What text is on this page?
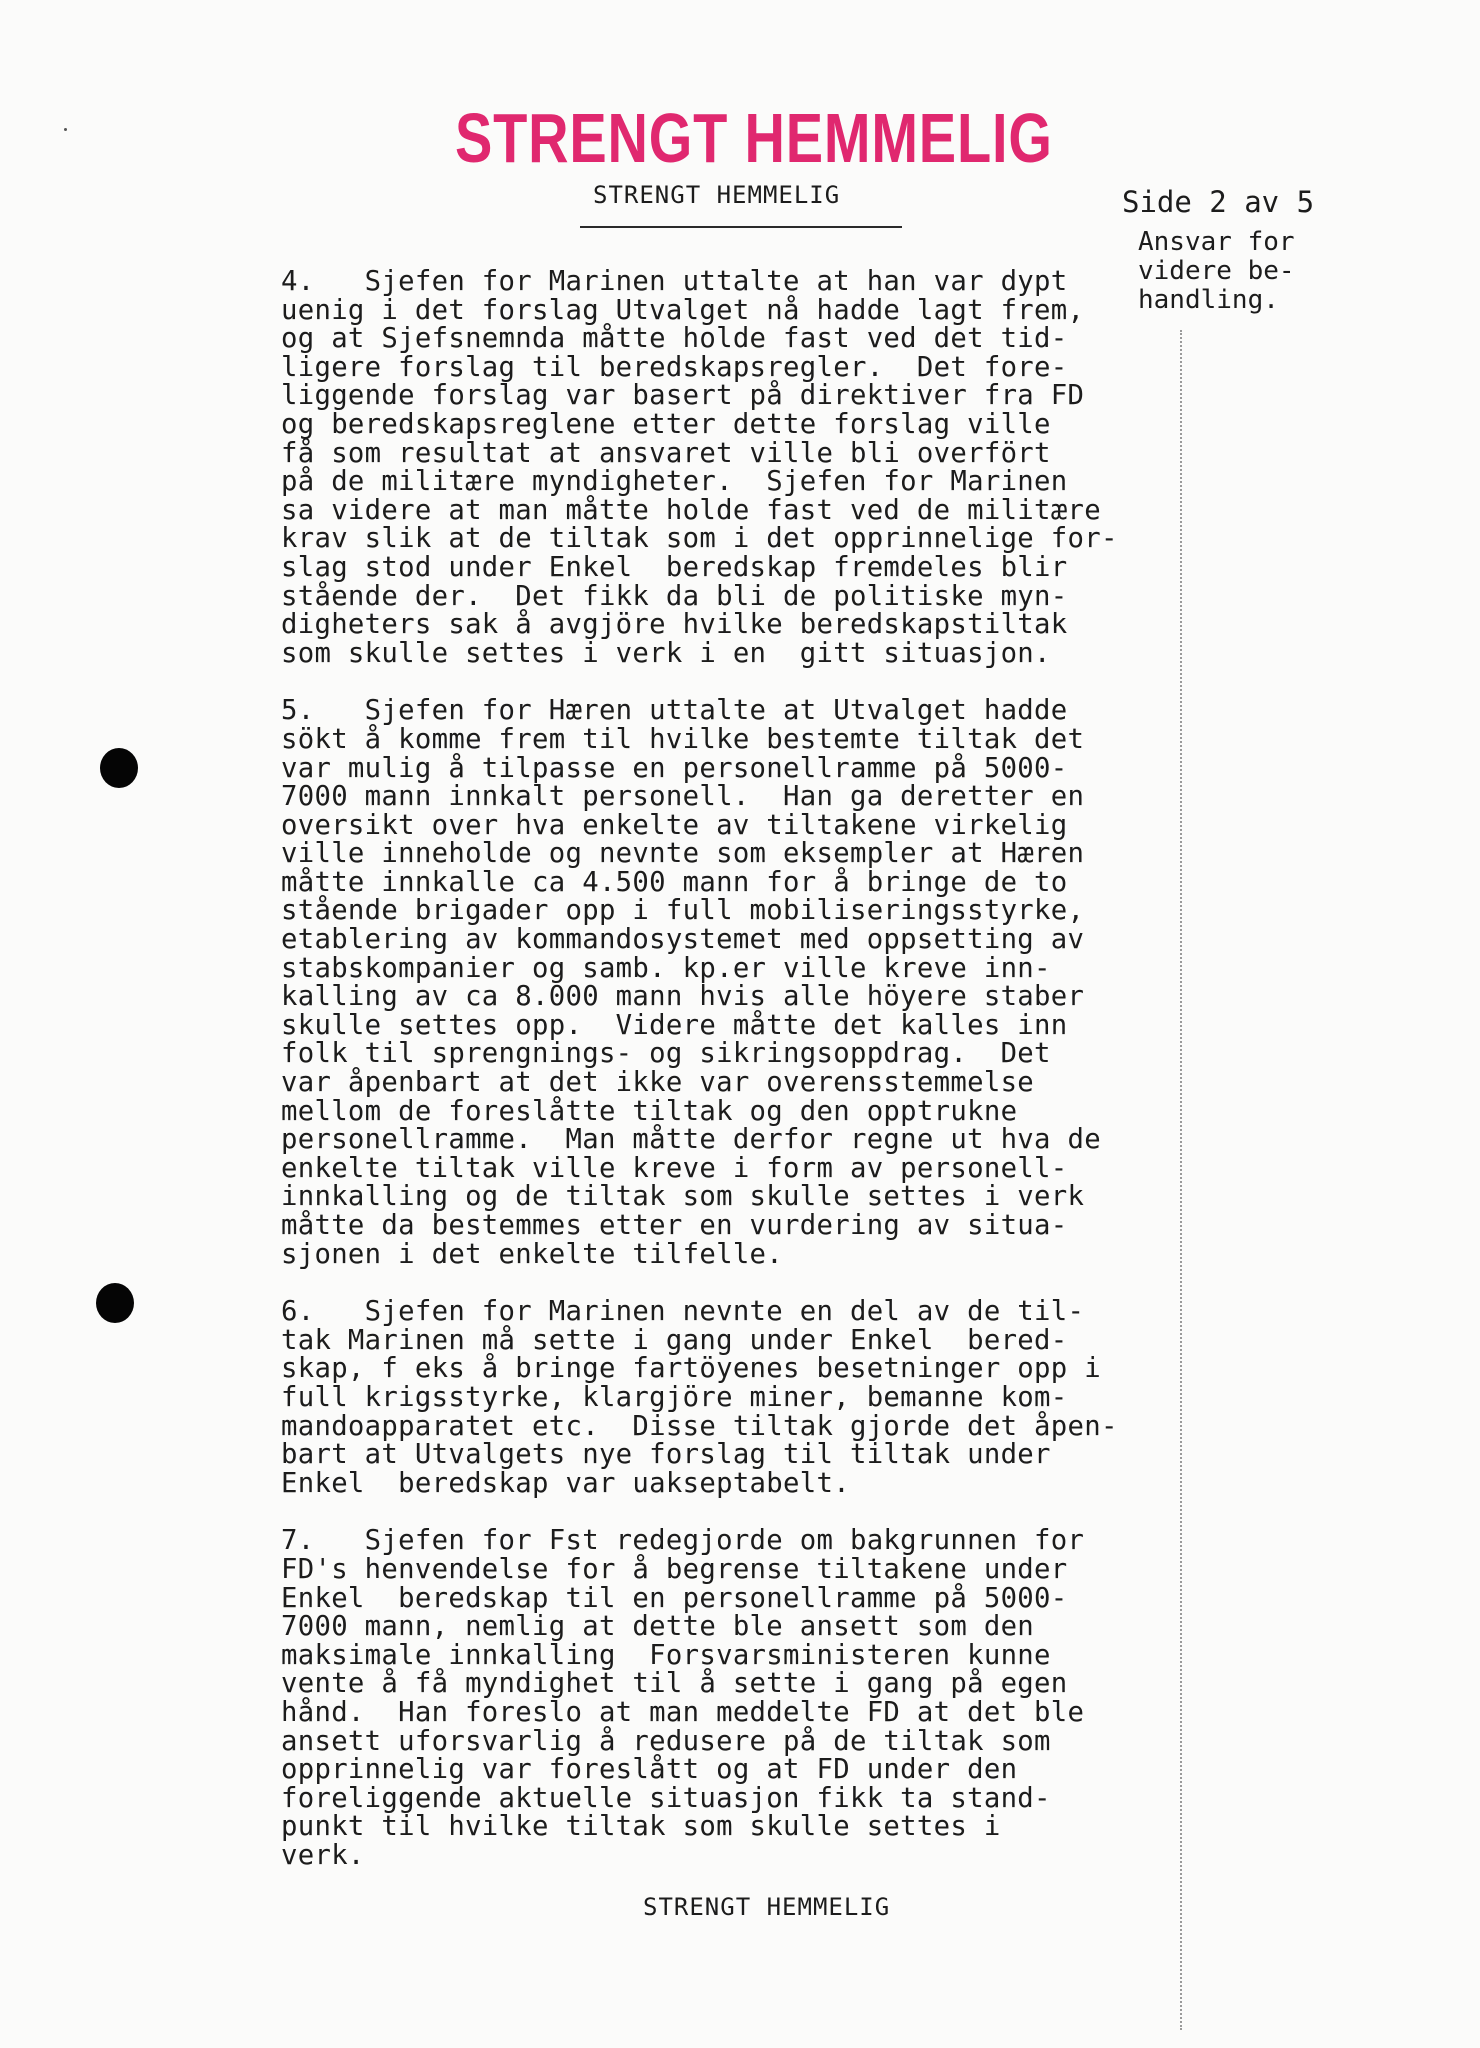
STRENGT HEMMELIG
STRENGT HEMMELIG	Side 2 av 5
Ansvar for
videre be-
handling.
4.   Sjefen for Marinen uttalte at han var dypt
uenig i det forslag Utvalget nå hadde lagt frem,
og at Sjefsnemnda måtte holde fast ved det tid-
ligere forslag til beredskapsregler.  Det fore-
liggende forslag var basert på direktiver fra FD
og beredskapsreglene etter dette forslag ville
få som resultat at ansvaret ville bli overfört
på de militære myndigheter.  Sjefen for Marinen
sa videre at man måtte holde fast ved de militære
krav slik at de tiltak som i det opprinnelige for-
slag stod under Enkel  beredskap fremdeles blir
stående der.  Det fikk da bli de politiske myn-
digheters sak å avgjöre hvilke beredskapstiltak
som skulle settes i verk i en  gitt situasjon.
5.   Sjefen for Hæren uttalte at Utvalget hadde
sökt å komme frem til hvilke bestemte tiltak det
var mulig å tilpasse en personellramme på 5000-
7000 mann innkalt personell.  Han ga deretter en
oversikt over hva enkelte av tiltakene virkelig
ville inneholde og nevnte som eksempler at Hæren
måtte innkalle ca 4.500 mann for å bringe de to
stående brigader opp i full mobiliseringsstyrke,
etablering av kommandosystemet med oppsetting av
stabskompanier og samb. kp.er ville kreve inn-
kalling av ca 8.000 mann hvis alle höyere staber
skulle settes opp.  Videre måtte det kalles inn
folk til sprengnings- og sikringsoppdrag.  Det
var åpenbart at det ikke var overensstemmelse
mellom de foreslåtte tiltak og den opptrukne
personellramme.  Man måtte derfor regne ut hva de
enkelte tiltak ville kreve i form av personell-
innkalling og de tiltak som skulle settes i verk
måtte da bestemmes etter en vurdering av situa-
sjonen i det enkelte tilfelle.
6.   Sjefen for Marinen nevnte en del av de til-
tak Marinen må sette i gang under Enkel  bered-
skap, f eks å bringe fartöyenes besetninger opp i
full krigsstyrke, klargjöre miner, bemanne kom-
mandoapparatet etc.  Disse tiltak gjorde det åpen-
bart at Utvalgets nye forslag til tiltak under
Enkel  beredskap var uakseptabelt.
7.   Sjefen for Fst redegjorde om bakgrunnen for
FD's henvendelse for å begrense tiltakene under
Enkel  beredskap til en personellramme på 5000-
7000 mann, nemlig at dette ble ansett som den
maksimale innkalling  Forsvarsministeren kunne
vente å få myndighet til å sette i gang på egen
hånd.  Han foreslo at man meddelte FD at det ble
ansett uforsvarlig å redusere på de tiltak som
opprinnelig var foreslått og at FD under den
foreliggende aktuelle situasjon fikk ta stand-
punkt til hvilke tiltak som skulle settes i
verk.
STRENGT HEMMELIG
